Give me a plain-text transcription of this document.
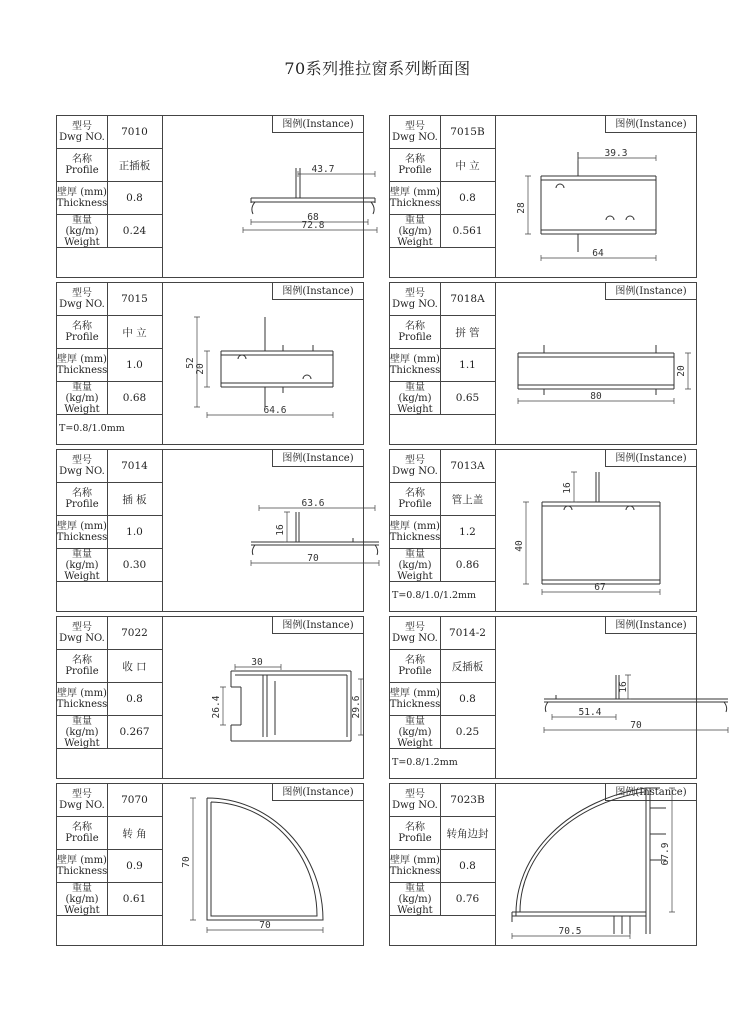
70系列推拉窗系列断面图
型号
Dwg NO.	7010
名称
Profile	正插板
壁厚 (mm)
Thickness	0.8
重量 (kg/m)
Weight
0.24
图例(Instance)
43.7
68
72.8
型号
Dwg NO.	7015B
名称
Profile	中 立
壁厚 (mm)
Thickness	0.8
重量 (kg/m)
Weight
0.561
图例(Instance)
39.3
28
64
型号
Dwg NO.	7015
名称
Profile	中 立
壁厚 (mm)
Thickness	1.0
重量 (kg/m)
Weight
0.68
T=0.8/1.0mm
图例(Instance)
52
20
64.6
型号
Dwg NO.	7018A
名称
Profile	拼 管
壁厚 (mm)
Thickness	1.1
重量 (kg/m)
Weight
0.65
图例(Instance)
20
80
型号
Dwg NO.	7014
名称
Profile	插 板
壁厚 (mm)
Thickness	1.0
重量 (kg/m)
Weight
0.30
图例(Instance)
63.6
16
70
型号
Dwg NO.	7013A
名称
Profile	管上盖
壁厚 (mm)
Thickness	1.2
重量 (kg/m)
Weight
0.86
T=0.8/1.0/1.2mm
图例(Instance)
16
40
67
型号
Dwg NO.	7022
名称
Profile	收 口
壁厚 (mm)
Thickness	0.8
重量 (kg/m)
Weight
0.267
图例(Instance)
30
26.4	29.6
型号
Dwg NO.	7014-2
名称
Profile	反插板
壁厚 (mm)
Thickness	0.8
重量 (kg/m)
Weight
0.25
T=0.8/1.2mm
图例(Instance)
16
51.4
70
型号
Dwg NO.	7070
名称
Profile	转 角
壁厚 (mm)
Thickness	0.9
重量 (kg/m)
Weight
0.61
图例(Instance)
70
70
型号
Dwg NO.	7023B
名称
Profile	转角边封
壁厚 (mm)
Thickness	0.8
重量 (kg/m)
Weight
0.76
图例(Instance)
67.9
70.5
